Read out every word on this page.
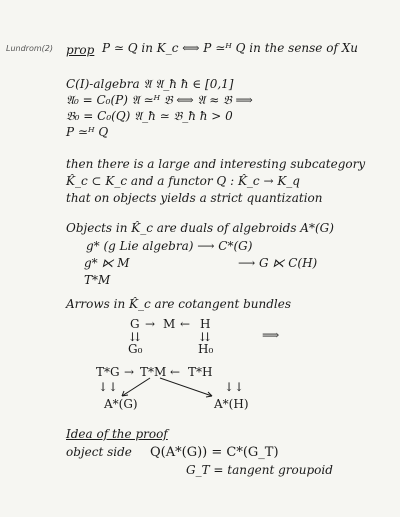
Lundrom(2) prop P ≃ Q in K_c ⟺ P ≃ᴴ Q in the sense of Xu
C(I)-algebra 𝔄 𝔄_ħ ħ ∈ [0,1]
𝔄₀ = C₀(P) 𝔄 ≃ᴴ 𝔅 ⟺ 𝔄 ≈ 𝔅 ⟹
𝔅₀ = C₀(Q) 𝔄_ħ ≃ 𝔅_ħ ħ > 0
P ≃ᴴ Q
then there is a large and interesting subcategory
K̂_c ⊂ K_c and a functor Q : K̂_c → K_q
that on objects yields a strict quantization
Objects in K̂_c are duals of algebroids A*(G)
g* (g Lie algebra) ⟶ C*(G)
g* ⋉ M	⟶ G ⋉ C(H)
T*M
Arrows in K̂_c are cotangent bundles
G → M ← H
⇊	⇊
G₀	H₀
⟹
T*G → T*M ← T*H
↓↓	↓↓
A*(G)	A*(H)
Idea of the proof
object side Q(A*(G)) = C*(G_T)
G_T = tangent groupoid
